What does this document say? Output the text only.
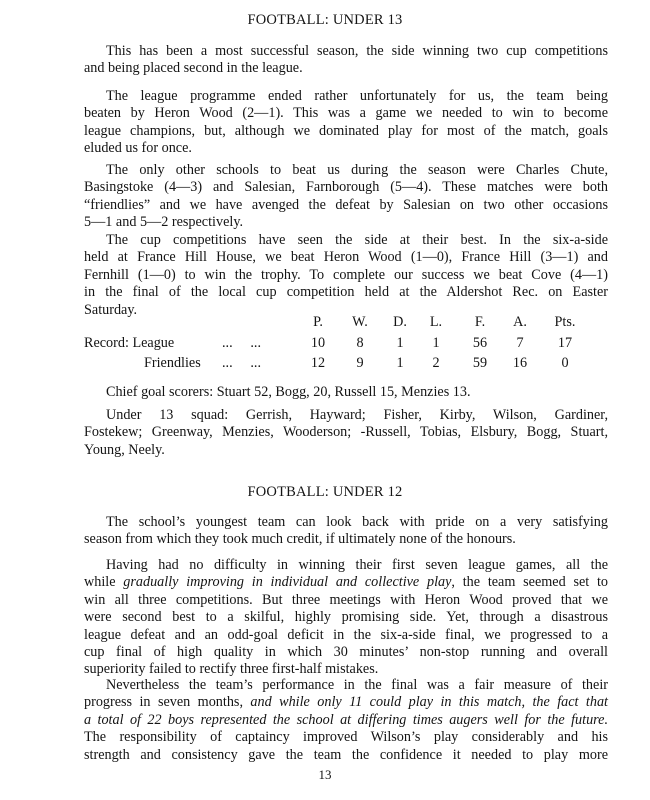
FOOTBALL: UNDER 13
This has been a most successful season, the side winning two cup competitions
and being placed second in the league.
The league programme ended rather unfortunately for us, the team being
beaten by Heron Wood (2—1). This was a game we needed to win to become
league champions, but, although we dominated play for most of the match, goals
eluded us for once.
The only other schools to beat us during the season were Charles Chute,
Basingstoke (4—3) and Salesian, Farnborough (5—4). These matches were both
“friendlies” and we have avenged the defeat by Salesian on two other occasions
5—1 and 5—2 respectively.
The cup competitions have seen the side at their best. In the six-a-side
held at France Hill House, we beat Heron Wood (1—0), France Hill (3—1) and
Fernhill (1—0) to win the trophy. To complete our success we beat Cove (4—1)
in the final of the local cup competition held at the Aldershot Rec. on Easter
Saturday.
P.	W.	D.	L.	F.	A.	Pts.
Record: League	...     ...	10	8	1	1	56	7	17
Friendlies ...     ...	12	9	1	2	59	16	0
Chief goal scorers: Stuart 52, Bogg, 20, Russell 15, Menzies 13.
Under 13 squad: Gerrish, Hayward; Fisher, Kirby, Wilson, Gardiner,
Fostekew; Greenway, Menzies, Wooderson; -Russell, Tobias, Elsbury, Bogg, Stuart,
Young, Neely.
FOOTBALL: UNDER 12
The school’s youngest team can look back with pride on a very satisfying
season from which they took much credit, if ultimately none of the honours.
Having had no difficulty in winning their first seven league games, all the
while gradually improving in individual and collective play, the team seemed set to
win all three competitions. But three meetings with Heron Wood proved that we
were second best to a skilful, highly promising side. Yet, through a disastrous
league defeat and an odd-goal deficit in the six-a-side final, we progressed to a
cup final of high quality in which 30 minutes’ non-stop running and overall
superiority failed to rectify three first-half mistakes.
Nevertheless the team’s performance in the final was a fair measure of their
progress in seven months, and while only 11 could play in this match, the fact that
a total of 22 boys represented the school at differing times augers well for the future.
The responsibility of captaincy improved Wilson’s play considerably and his
strength and consistency gave the team the confidence it needed to play more
13
